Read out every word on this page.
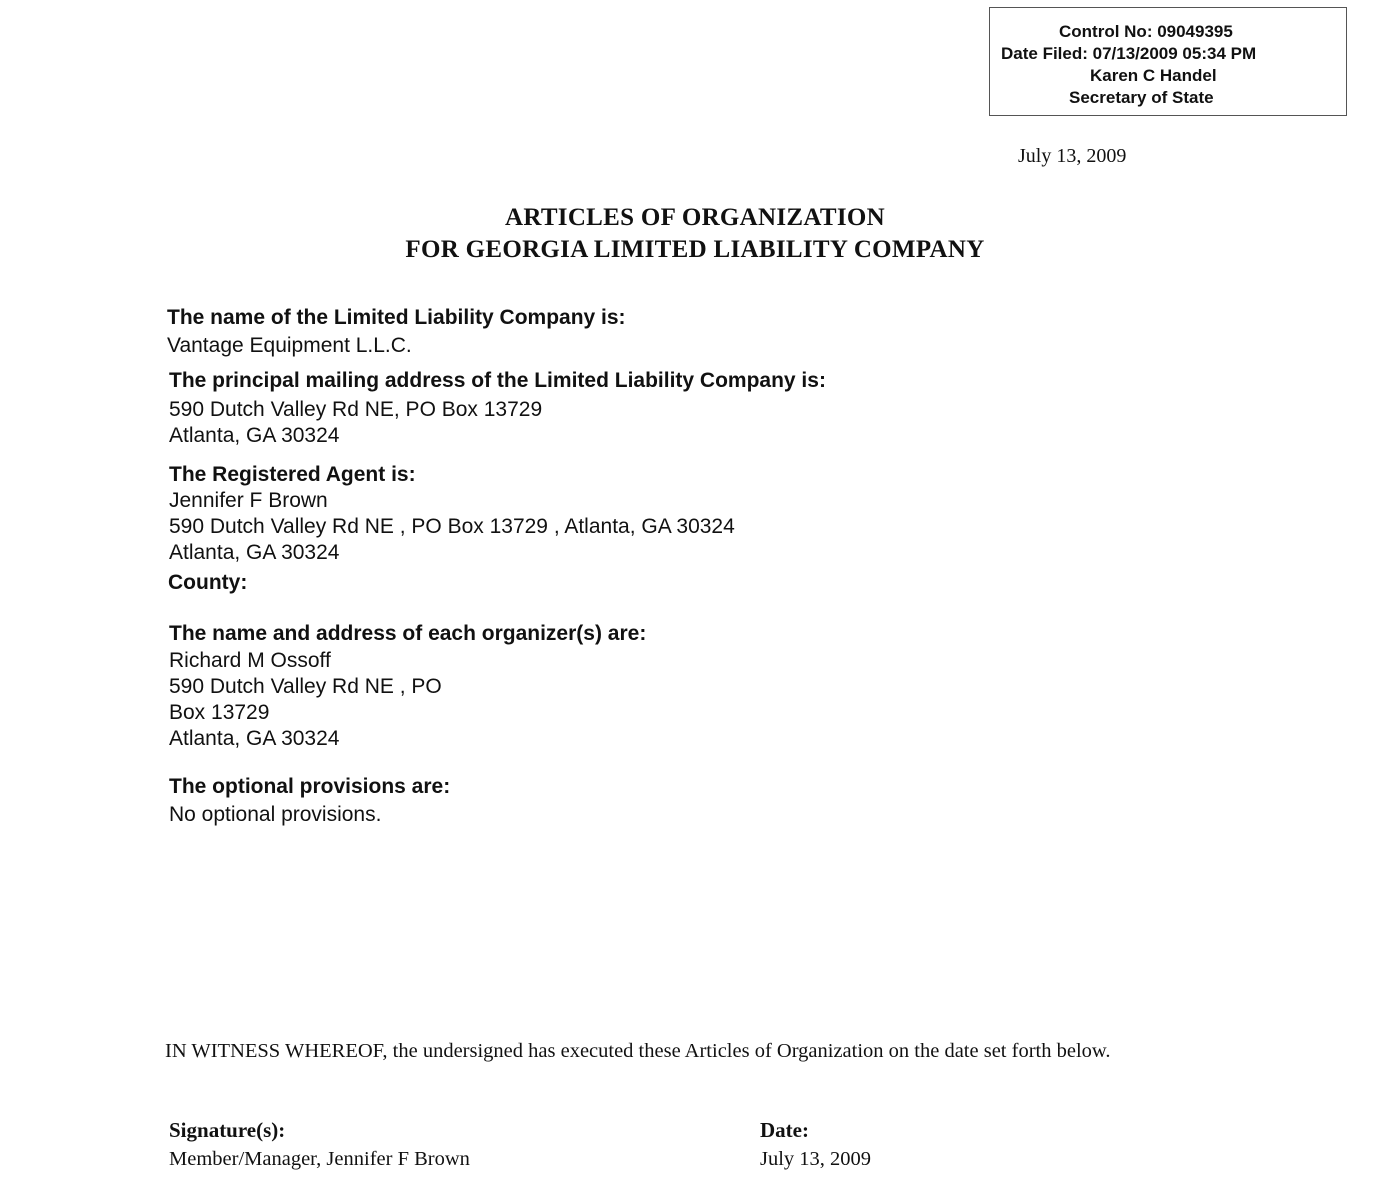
Control No: 09049395
Date Filed: 07/13/2009 05:34 PM
Karen C Handel
Secretary of State
July 13, 2009
ARTICLES OF ORGANIZATION
FOR GEORGIA LIMITED LIABILITY COMPANY
The name of the Limited Liability Company is:
Vantage Equipment L.L.C.
The principal mailing address of the Limited Liability Company is:
590 Dutch Valley Rd NE, PO Box 13729
Atlanta, GA 30324
The Registered Agent is:
Jennifer F Brown
590 Dutch Valley Rd NE , PO Box 13729 , Atlanta, GA 30324
Atlanta, GA 30324
County:
The name and address of each organizer(s) are:
Richard M Ossoff
590 Dutch Valley Rd NE , PO
Box 13729
Atlanta, GA 30324
The optional provisions are:
No optional provisions.
IN WITNESS WHEREOF, the undersigned has executed these Articles of Organization on the date set forth below.
Signature(s):
Member/Manager, Jennifer F Brown
Date:
July 13, 2009
